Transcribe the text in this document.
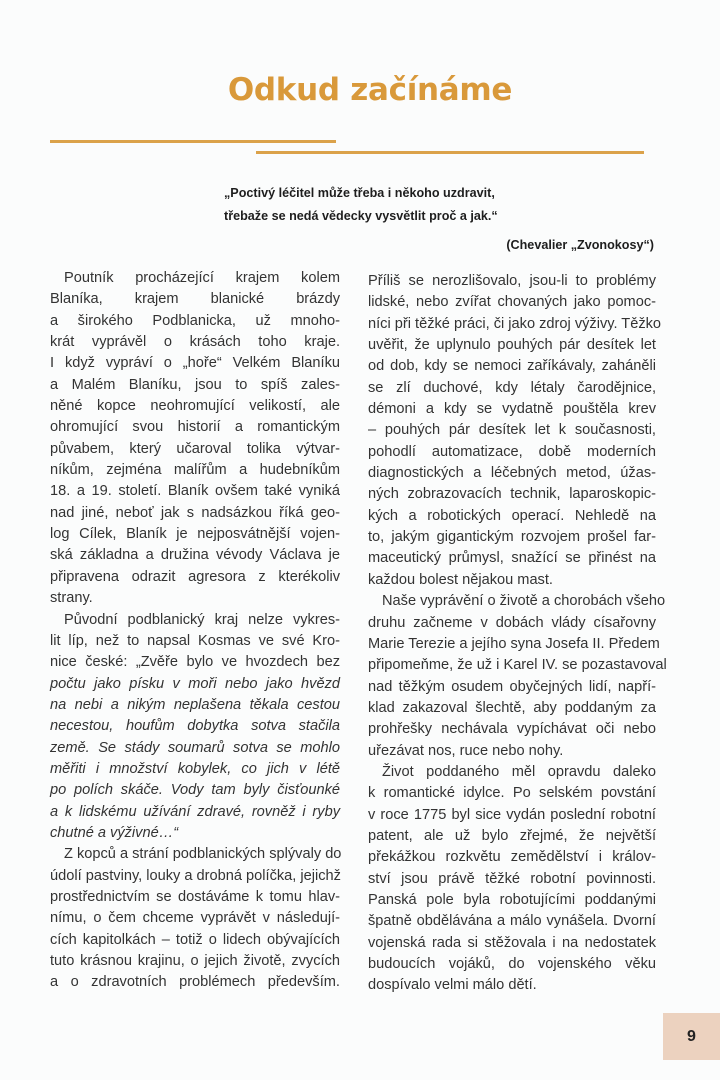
Odkud začínáme
„Poctivý léčitel může třeba i někoho uzdravit,
třebaže se nedá vědecky vysvětlit proč a jak.“
(Chevalier „Zvonokosy“)
Poutník procházející krajem kolem
Blaníka, krajem blanické brázdy
a širokého Podblanicka, už mnoho-
krát vyprávěl o krásách toho kraje.
I když vypráví o „hoře“ Velkém Blaníku
a Malém Blaníku, jsou to spíš zales-
něné kopce neohromující velikostí, ale
ohromující svou historií a romantickým
půvabem, který učaroval tolika výtvar-
níkům, zejména malířům a hudebníkům
18. a 19. století. Blaník ovšem také vyniká
nad jiné, neboť jak s nadsázkou říká geo-
log Cílek, Blaník je nejposvátnější vojen-
ská základna a družina vévody Václava je
připravena odrazit agresora z kterékoliv
strany.
Původní podblanický kraj nelze vykres-
lit líp, než to napsal Kosmas ve své Kro-
nice české: „Zvěře bylo ve hvozdech bez
počtu jako písku v moři nebo jako hvězd
na nebi a nikým neplašena těkala cestou
necestou, houfům dobytka sotva stačila
země. Se stády soumarů sotva se mohlo
měřiti i množství kobylek, co jich v létě
po polích skáče. Vody tam byly čisťounké
a k lidskému užívání zdravé, rovněž i ryby
chutné a výživné…“
Z kopců a strání podblanických splývaly do
údolí pastviny, louky a drobná políčka, jejichž
prostřednictvím se dostáváme k tomu hlav-
nímu, o čem chceme vyprávět v následují-
cích kapitolkách – totiž o lidech obývajících
tuto krásnou krajinu, o jejich životě, zvycích
a o zdravotních problémech především.
Příliš se nerozlišovalo, jsou-li to problémy
lidské, nebo zvířat chovaných jako pomoc-
níci při těžké práci, či jako zdroj výživy. Těžko
uvěřit, že uplynulo pouhých pár desítek let
od dob, kdy se nemoci zaříkávaly, zaháněli
se zlí duchové, kdy létaly čarodějnice,
démoni a kdy se vydatně pouštěla krev
– pouhých pár desítek let k současnosti,
pohodlí automatizace, době moderních
diagnostických a léčebných metod, úžas-
ných zobrazovacích technik, laparoskopic-
kých a robotických operací. Nehledě na
to, jakým gigantickým rozvojem prošel far-
maceutický průmysl, snažící se přinést na
každou bolest nějakou mast.
Naše vyprávění o životě a chorobách všeho
druhu začneme v dobách vlády císařovny
Marie Terezie a jejího syna Josefa II. Předem
připomeňme, že už i Karel IV. se pozastavoval
nad těžkým osudem obyčejných lidí, napří-
klad zakazoval šlechtě, aby poddaným za
prohřešky nechávala vypíchávat oči nebo
uřezávat nos, ruce nebo nohy.
Život poddaného měl opravdu daleko
k romantické idylce. Po selském povstání
v roce 1775 byl sice vydán poslední robotní
patent, ale už bylo zřejmé, že největší
překážkou rozkvětu zemědělství i králov-
ství jsou právě těžké robotní povinnosti.
Panská pole byla robotujícími poddanými
špatně obdělávána a málo vynášela. Dvorní
vojenská rada si stěžovala i na nedostatek
budoucích vojáků, do vojenského věku
dospívalo velmi málo dětí.
9
